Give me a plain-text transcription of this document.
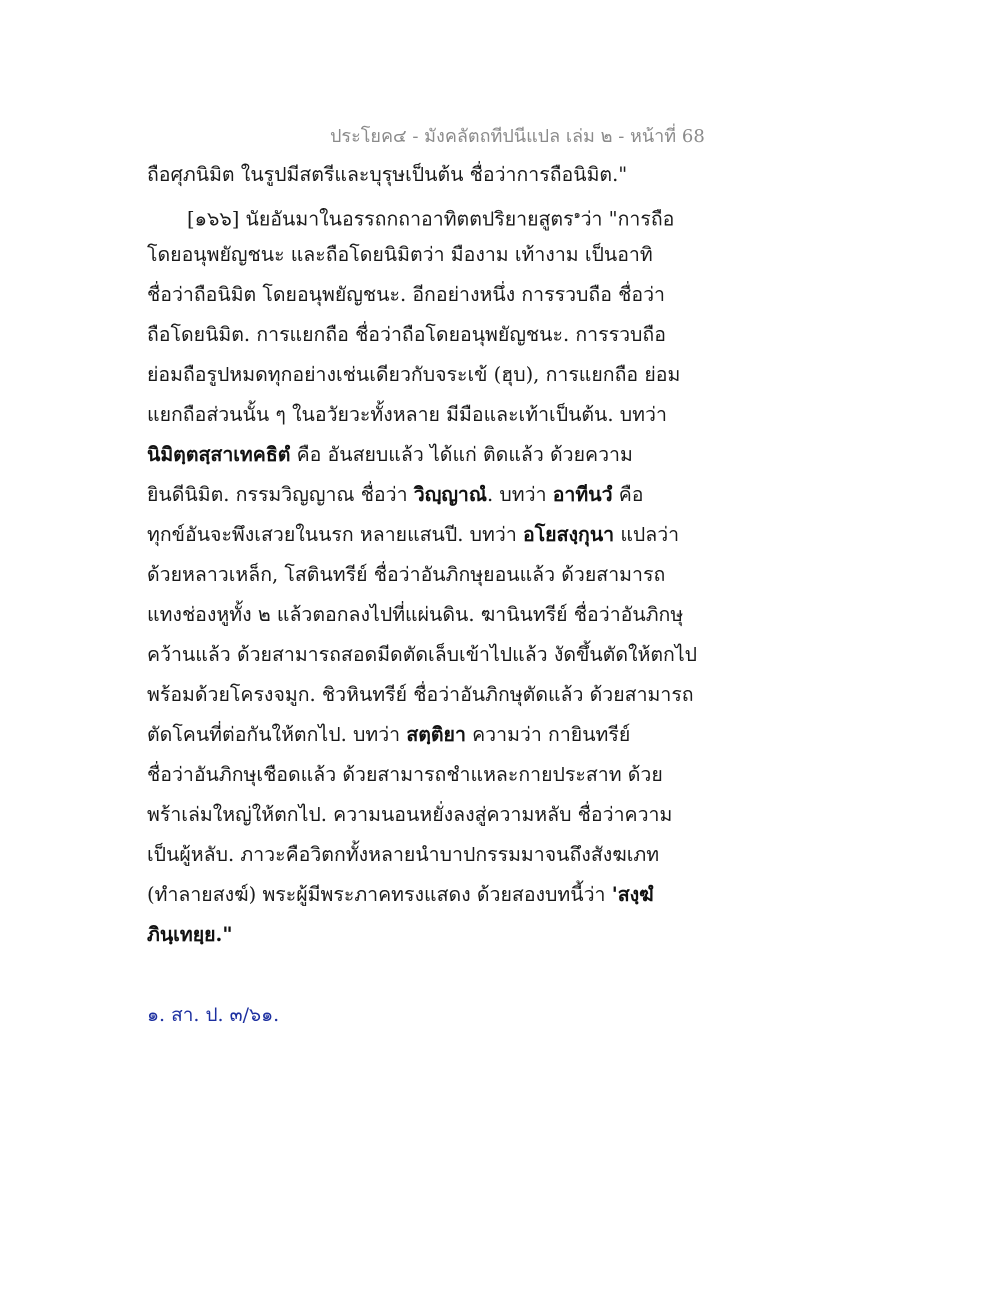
ประโยค๔ - มังคลัตถทีปนีแปล เล่ม ๒ - หน้าที่ 68
ถือศุภนิมิต ในรูปมีสตรีและบุรุษเป็นต้น ชื่อว่าการถือนิมิต."
[๑๖๖] นัยอันมาในอรรถกถาอาทิตตปริยายสูตร$^๑$ว่า "การถือ
โดยอนุพยัญชนะ และถือโดยนิมิตว่า มืองาม เท้างาม เป็นอาทิ
ชื่อว่าถือนิมิต โดยอนุพยัญชนะ. อีกอย่างหนึ่ง การรวบถือ ชื่อว่า
ถือโดยนิมิต. การแยกถือ ชื่อว่าถือโดยอนุพยัญชนะ. การรวบถือ
ย่อมถือรูปหมดทุกอย่างเช่นเดียวกับจระเข้ (ฮุบ), การแยกถือ ย่อม
แยกถือส่วนนั้น ๆ ในอวัยวะทั้งหลาย มีมือและเท้าเป็นต้น. บทว่า
นิมิตฺตสฺสาเทคธิตํ คือ อันสยบแล้ว ได้แก่ ติดแล้ว ด้วยความ
ยินดีนิมิต. กรรมวิญญาณ ชื่อว่า วิญฺญาณํ. บทว่า อาทีนวํ คือ
ทุกข์อันจะพึงเสวยในนรก หลายแสนปี. บทว่า อโยสงฺกุนา แปลว่า
ด้วยหลาวเหล็ก, โสตินทรีย์ ชื่อว่าอันภิกษุยอนแล้ว ด้วยสามารถ
แทงช่องหูทั้ง ๒ แล้วตอกลงไปที่แผ่นดิน. ฆานินทรีย์ ชื่อว่าอันภิกษุ
คว้านแล้ว ด้วยสามารถสอดมีดตัดเล็บเข้าไปแล้ว งัดขึ้นตัดให้ตกไป
พร้อมด้วยโครงจมูก. ชิวหินทรีย์ ชื่อว่าอันภิกษุตัดแล้ว ด้วยสามารถ
ตัดโคนที่ต่อกันให้ตกไป. บทว่า สตฺติยา ความว่า กายินทรีย์
ชื่อว่าอันภิกษุเชือดแล้ว ด้วยสามารถชำแหละกายประสาท ด้วย
พร้าเล่มใหญ่ให้ตกไป. ความนอนหยั่งลงสู่ความหลับ ชื่อว่าความ
เป็นผู้หลับ. ภาวะคือวิตกทั้งหลายนำบาปกรรมมาจนถึงสังฆเภท
(ทำลายสงฆ์) พระผู้มีพระภาคทรงแสดง ด้วยสองบทนี้ว่า 'สงฺฆํ
ภินฺเทยฺย."
๑. สา. ป. ๓/๖๑.
